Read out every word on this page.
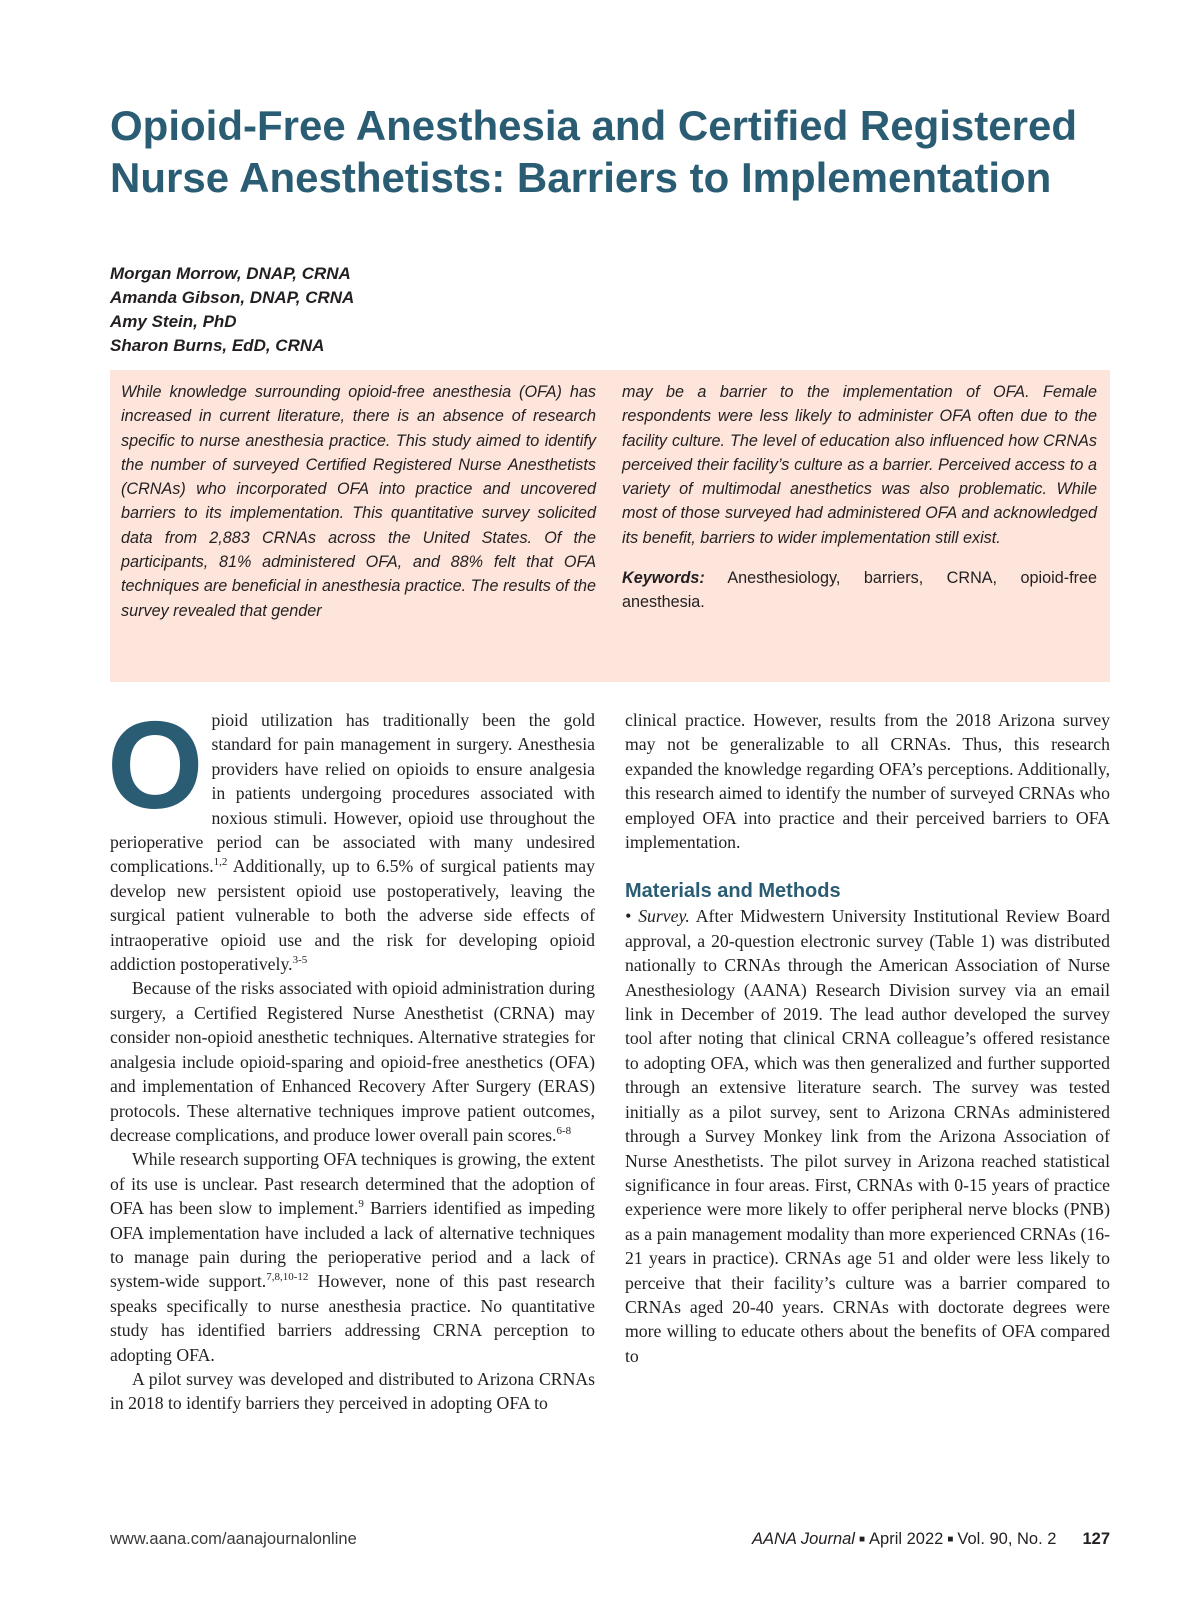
Opioid-Free Anesthesia and Certified Registered Nurse Anesthetists: Barriers to Implementation
Morgan Morrow, DNAP, CRNA
Amanda Gibson, DNAP, CRNA
Amy Stein, PhD
Sharon Burns, EdD, CRNA

While knowledge surrounding opioid-free anesthesia (OFA) has increased in current literature, there is an absence of research specific to nurse anesthesia practice. This study aimed to identify the number of surveyed Certified Registered Nurse Anesthetists (CRNAs) who incorporated OFA into practice and uncovered barriers to its implementation. This quantitative survey solicited data from 2,883 CRNAs across the United States. Of the participants, 81% administered OFA, and 88% felt that OFA techniques are beneficial in anesthesia practice. The results of the survey revealed that gender

may be a barrier to the implementation of OFA. Female respondents were less likely to administer OFA often due to the facility culture. The level of education also influenced how CRNAs perceived their facility’s culture as a barrier. Perceived access to a variety of multimodal anesthetics was also problematic. While most of those surveyed had administered OFA and acknowledged its benefit, barriers to wider implementation still exist.

Keywords: Anesthesiology, barriers, CRNA, opioid-free anesthesia.

Opioid utilization has traditionally been the gold standard for pain management in surgery. Anesthesia providers have relied on opioids to ensure analgesia in patients undergoing procedures associated with noxious stimuli. However, opioid use throughout the perioperative period can be associated with many undesired complications.$^{1,2}$ Additionally, up to 6.5% of surgical patients may develop new persistent opioid use postoperatively, leaving the surgical patient vulnerable to both the adverse side effects of intraoperative opioid use and the risk for developing opioid addiction postoperatively.$^{3-5}$

Because of the risks associated with opioid administration during surgery, a Certified Registered Nurse Anesthetist (CRNA) may consider non-opioid anesthetic techniques. Alternative strategies for analgesia include opioid-sparing and opioid-free anesthetics (OFA) and implementation of Enhanced Recovery After Surgery (ERAS) protocols. These alternative techniques improve patient outcomes, decrease complications, and produce lower overall pain scores.$^{6-8}$

While research supporting OFA techniques is growing, the extent of its use is unclear. Past research determined that the adoption of OFA has been slow to implement.$^9$ Barriers identified as impeding OFA implementation have included a lack of alternative techniques to manage pain during the perioperative period and a lack of system-wide support.$^{7,8,10-12}$ However, none of this past research speaks specifically to nurse anesthesia practice. No quantitative study has identified barriers addressing CRNA perception to adopting OFA.

A pilot survey was developed and distributed to Arizona CRNAs in 2018 to identify barriers they perceived in adopting OFA to

clinical practice. However, results from the 2018 Arizona survey may not be generalizable to all CRNAs. Thus, this research expanded the knowledge regarding OFA’s perceptions. Additionally, this research aimed to identify the number of surveyed CRNAs who employed OFA into practice and their perceived barriers to OFA implementation.

Materials and Methods

• Survey. After Midwestern University Institutional Review Board approval, a 20-question electronic survey (Table 1) was distributed nationally to CRNAs through the American Association of Nurse Anesthesiology (AANA) Research Division survey via an email link in December of 2019. The lead author developed the survey tool after noting that clinical CRNA colleague’s offered resistance to adopting OFA, which was then generalized and further supported through an extensive literature search. The survey was tested initially as a pilot survey, sent to Arizona CRNAs administered through a Survey Monkey link from the Arizona Association of Nurse Anesthetists. The pilot survey in Arizona reached statistical significance in four areas. First, CRNAs with 0-15 years of practice experience were more likely to offer peripheral nerve blocks (PNB) as a pain management modality than more experienced CRNAs (16-21 years in practice). CRNAs age 51 and older were less likely to perceive that their facility’s culture was a barrier compared to CRNAs aged 20-40 years. CRNAs with doctorate degrees were more willing to educate others about the benefits of OFA compared to

www.aana.com/aanajournalonline	AANA Journal ■ April 2022 ■ Vol. 90, No. 2 127
